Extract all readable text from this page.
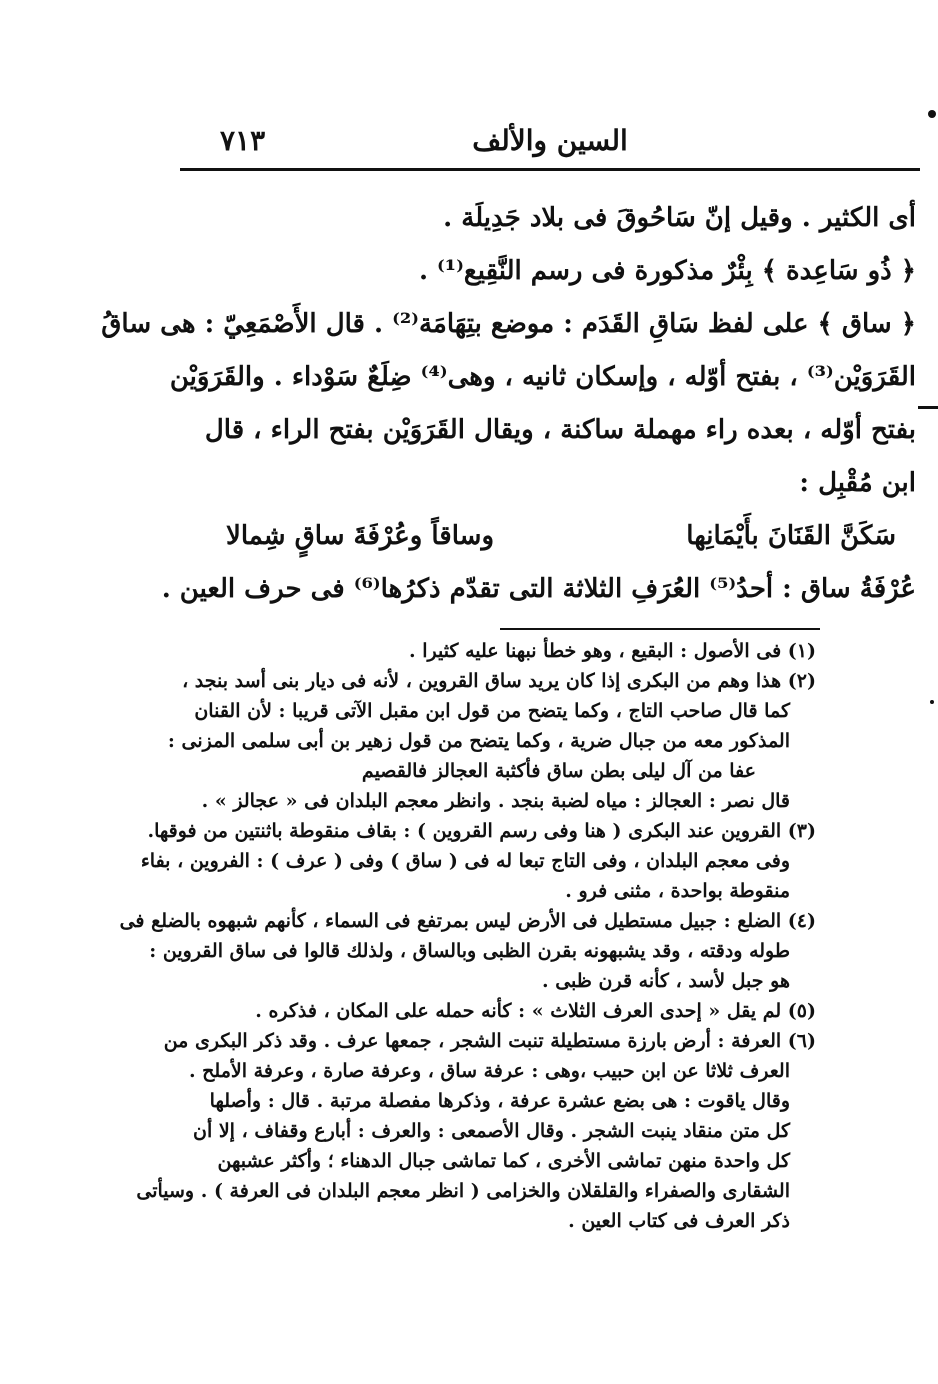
السين والألف
٧١٣
أى الكثير . وقيل إنّ سَاحُوقَ فى بلاد جَدِيلَة .
﴿ ذُو سَاعِدة ﴾ بِئْرٌ مذكورة فى رسم النَّقِيع⁽¹⁾ .
﴿ ساق ﴾ على لفظ سَاقِ القَدَم : موضع بتِهَامَة⁽²⁾ . قال الأَصْمَعِيّ : هى ساقُ
القَرَوَيْن⁽³⁾ ، بفتح أوّله ، وإسكان ثانيه ، وهى⁽⁴⁾ ضِلَعٌ سَوْداء . والقَرَوَيْن
بفتح أوّله ، بعده راء مهملة ساكنة ، ويقال القَرَوَيْن بفتح الراء ، قال
ابن مُقْبِل :
سَكَنَّ القَنَانَ بأَيْمَانِها
وساقاً وعُرْفَةَ ساقٍ شِمالا
عُرْفَةُ ساق : أحدُ⁽⁵⁾ العُرَفِ الثلاثة التى تقدّم ذكرُها⁽⁶⁾ فى حرف العين .
(١) فى الأصول : البقيع ، وهو خطأ نبهنا عليه كثيرا .
(٢) هذا وهم من البكرى إذا كان يريد ساق القروين ، لأنه فى ديار بنى أسد بنجد ،
كما قال صاحب التاج ، وكما يتضح من قول ابن مقبل الآتى قريبا : لأن القنان
المذكور معه من جبال ضرية ، وكما يتضح من قول زهير بن أبى سلمى المزنى :
عفا من آل ليلى بطن ساق فأكثبة العجالز فالقصيم
قال نصر : العجالز : مياه لضبة بنجد . وانظر معجم البلدان فى « عجالز » .
(٣) القروين عند البكرى ( هنا وفى رسم القروين ) : بقاف منقوطة باثنتين من فوقها.
وفى معجم البلدان ، وفى التاج تبعا له فى ( ساق ) وفى ( عرف ) : الفروين ، بفاء
منقوطة بواحدة ، مثنى فرو .
(٤) الضلع : جبيل مستطيل فى الأرض ليس بمرتفع فى السماء ، كأنهم شبهوه بالضلع فى
طوله ودقته ، وقد يشبهونه بقرن الظبى وبالساق ، ولذلك قالوا فى ساق القروين :
هو جبل لأسد ، كأنه قرن ظبى .
(٥) لم يقل « إحدى العرف الثلاث » : كأنه حمله على المكان ، فذكره .
(٦) العرفة : أرض بارزة مستطيلة تنبت الشجر ، جمعها عرف . وقد ذكر البكرى من
العرف ثلاثا عن ابن حبيب ،وهى : عرفة ساق ، وعرفة صارة ، وعرفة الأملح .
وقال ياقوت : هى بضع عشرة عرفة ، وذكرها مفصلة مرتبة . قال : وأصلها
كل متن منقاد ينبت الشجر . وقال الأصمعى : والعرف : أبارع وقفاف ، إلا أن
كل واحدة منهن تماشى الأخرى ، كما تماشى جبال الدهناء ؛ وأكثر عشبهن
الشقارى والصفراء والقلقلان والخزامى ( انظر معجم البلدان فى العرفة ) . وسيأتى
ذكر العرف فى كتاب العين .
